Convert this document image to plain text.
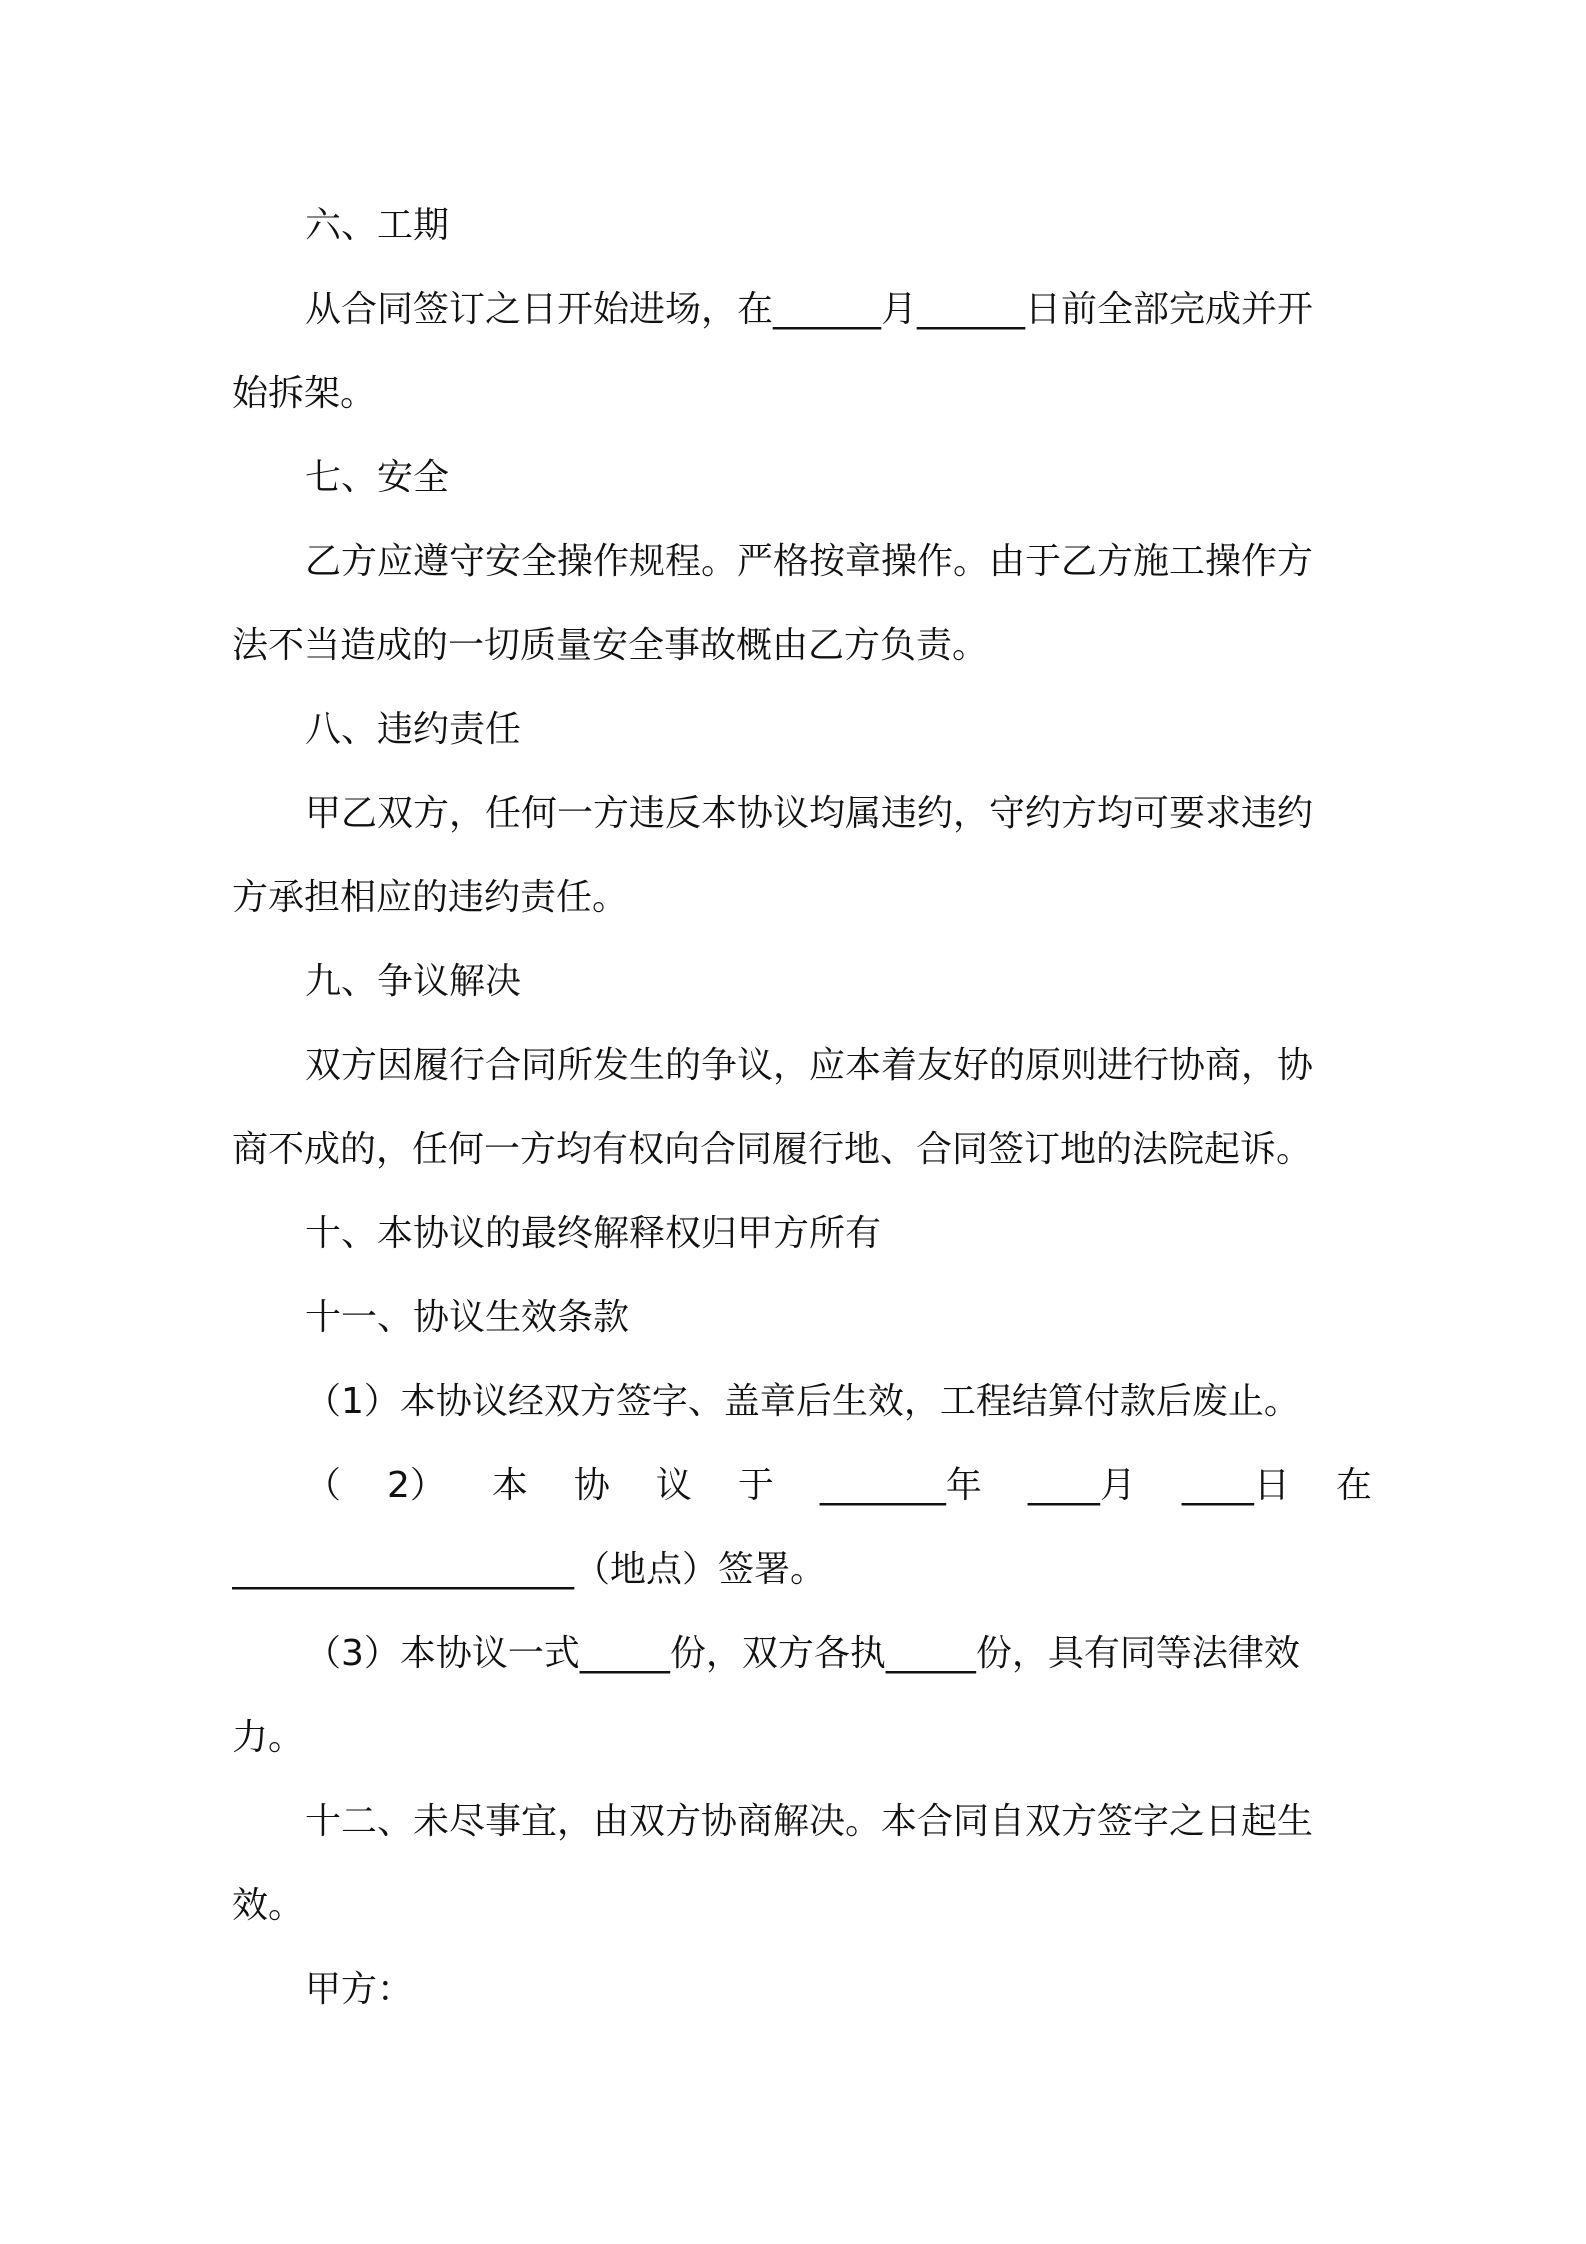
六、工期
从合同签订之日开始进场，在______月______日前全部完成并开
始拆架。
七、安全
乙方应遵守安全操作规程。严格按章操作。由于乙方施工操作方
法不当造成的一切质量安全事故概由乙方负责。
八、违约责任
甲乙双方，任何一方违反本协议均属违约，守约方均可要求违约
方承担相应的违约责任。
九、争议解决
双方因履行合同所发生的争议，应本着友好的原则进行协商，协
商不成的，任何一方均有权向合同履行地、合同签订地的法院起诉。
十、本协议的最终解释权归甲方所有
十一、协议生效条款
（1）本协议经双方签字、盖章后生效，工程结算付款后废止。
（ 2） 本 协 议 于 _______年 ____月 ____日 在
___________________（地点）签署。
（3）本协议一式_____份，双方各执_____份，具有同等法律效
力。
十二、未尽事宜，由双方协商解决。本合同自双方签字之日起生
效。
甲方：
